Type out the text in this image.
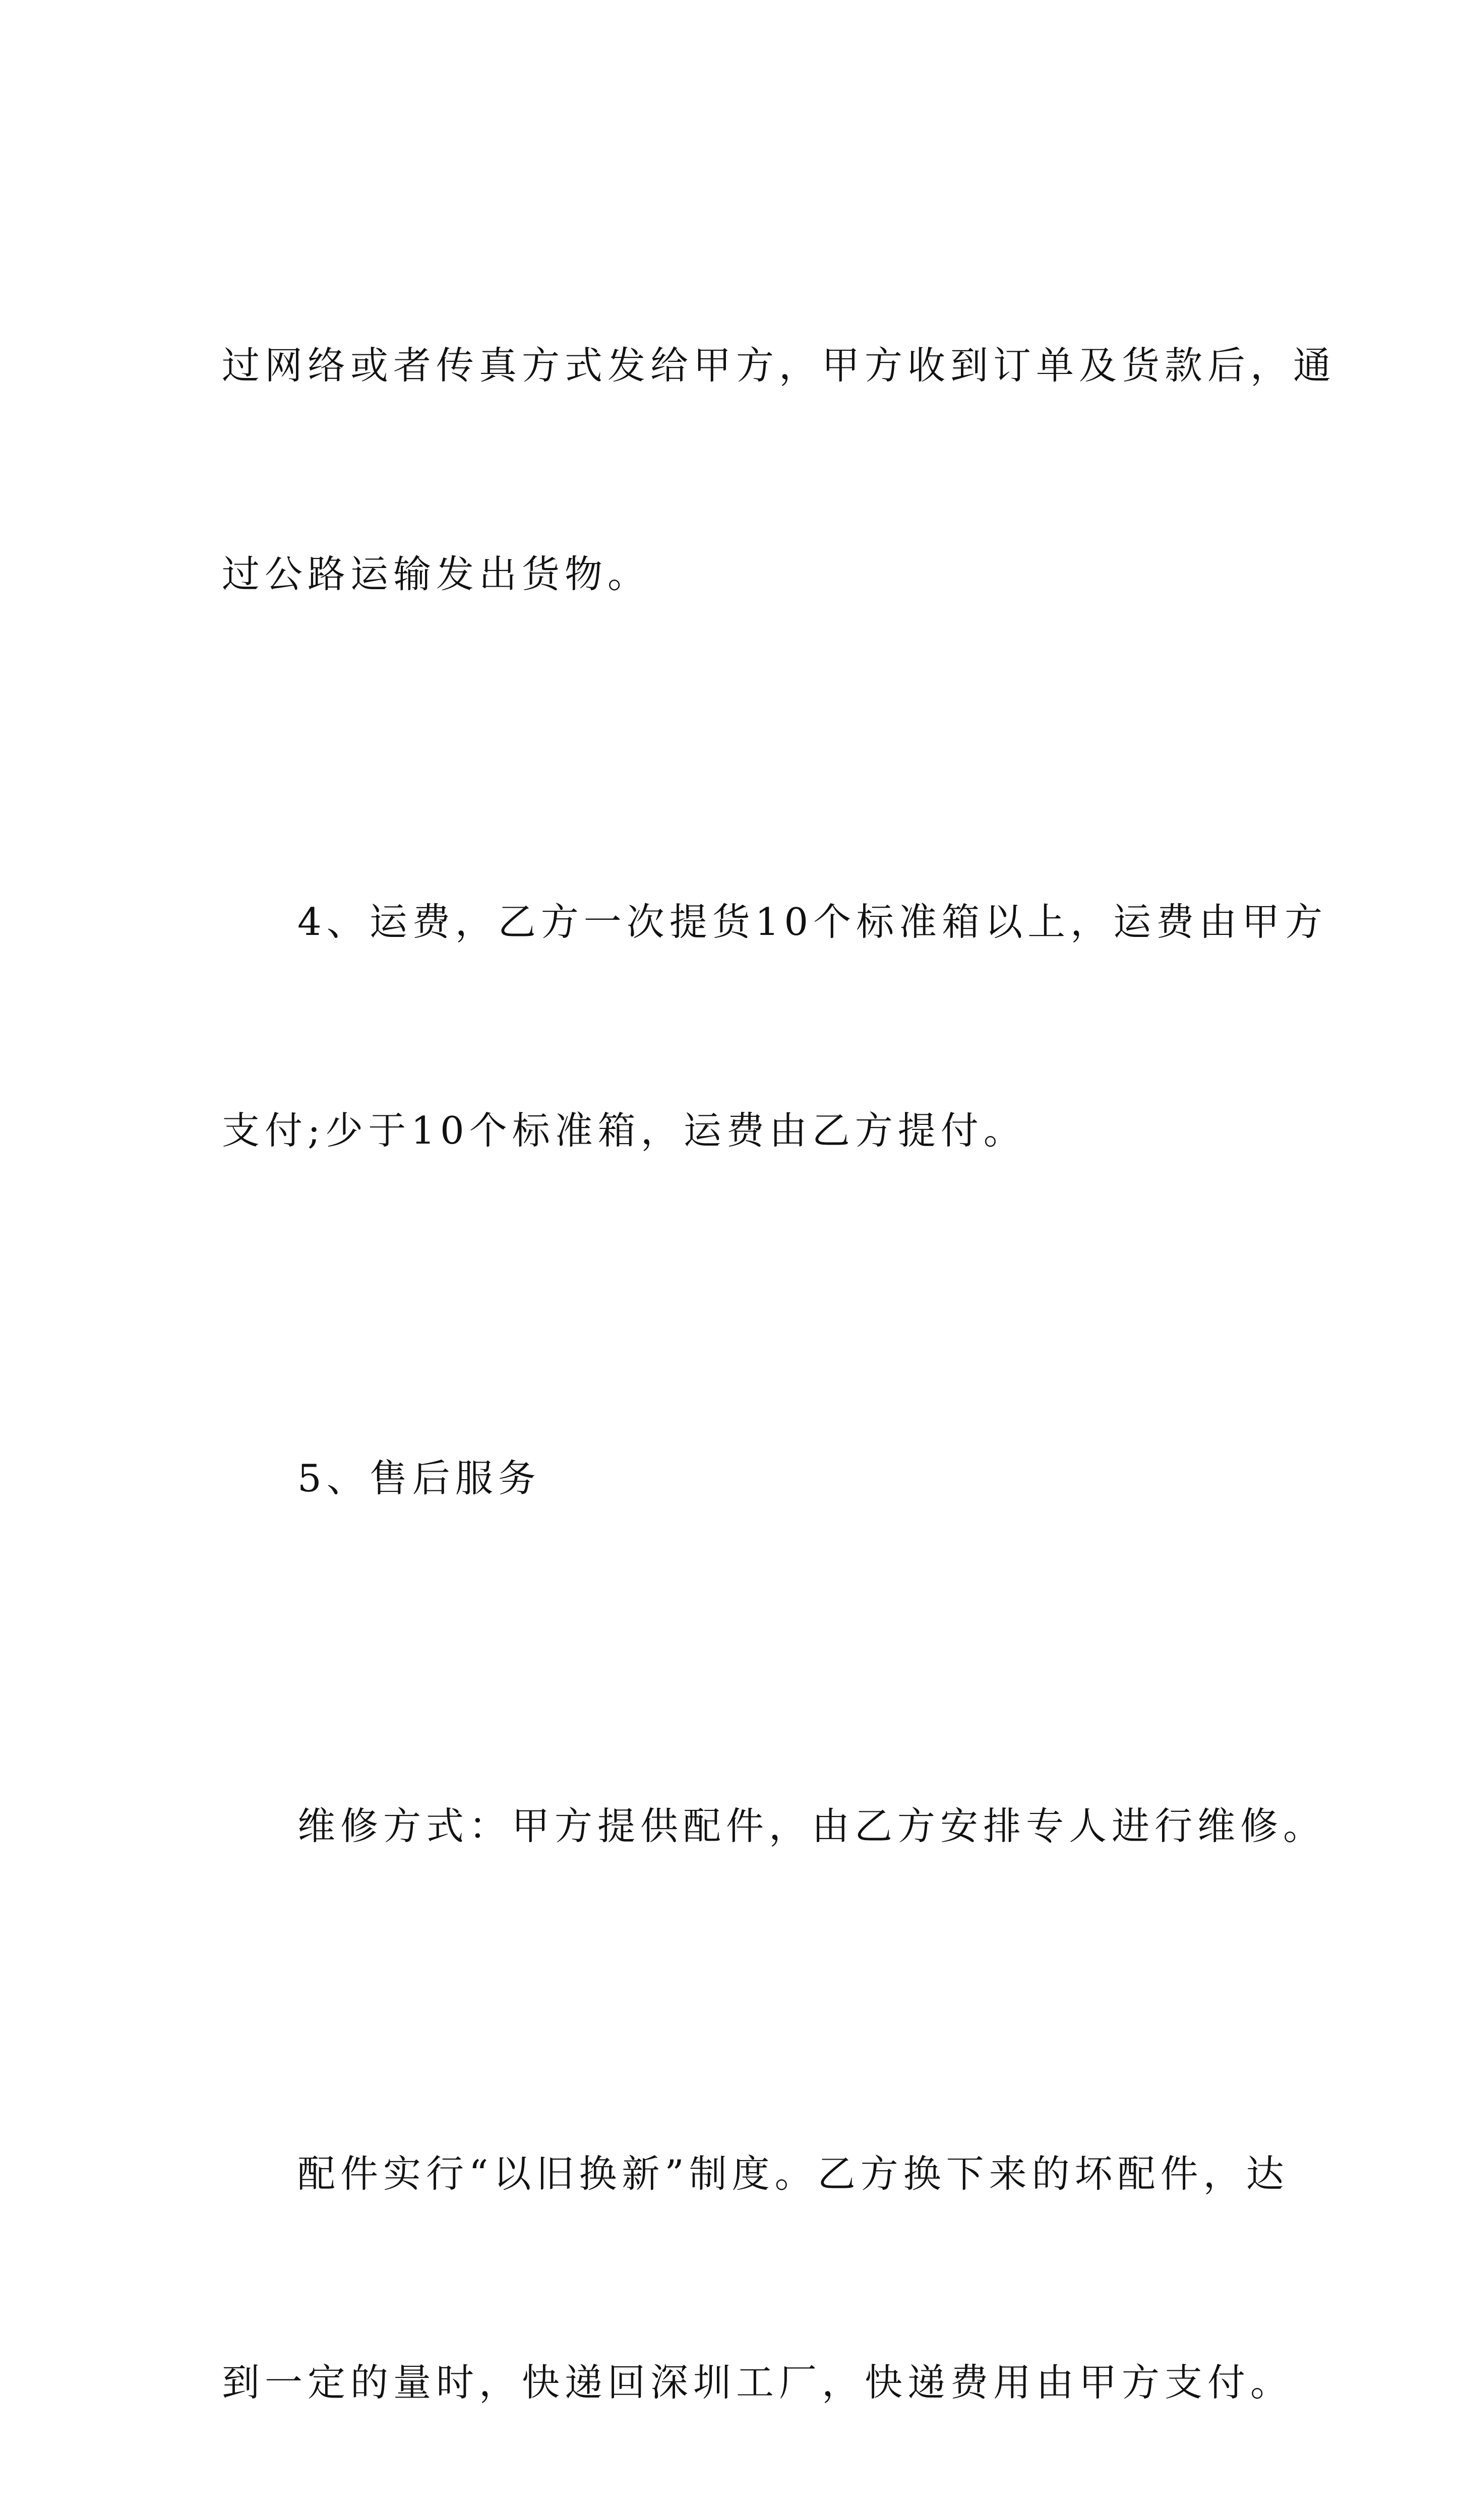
过网络或者传真方式发给甲方，甲方收到订单及货款后，通

过公路运输发出货物。

4、运费，乙方一次提货10个标准箱以上，运费由甲方

支付;少于10个标准箱，运费由乙方提付。

5、售后服务

维修方式：甲方提供配件，由乙方安排专人进行维修。

配件实行“以旧换新”制度。乙方换下来的坏配件，达

到一定的量时，快递回深圳工厂，快递费用由甲方支付。
